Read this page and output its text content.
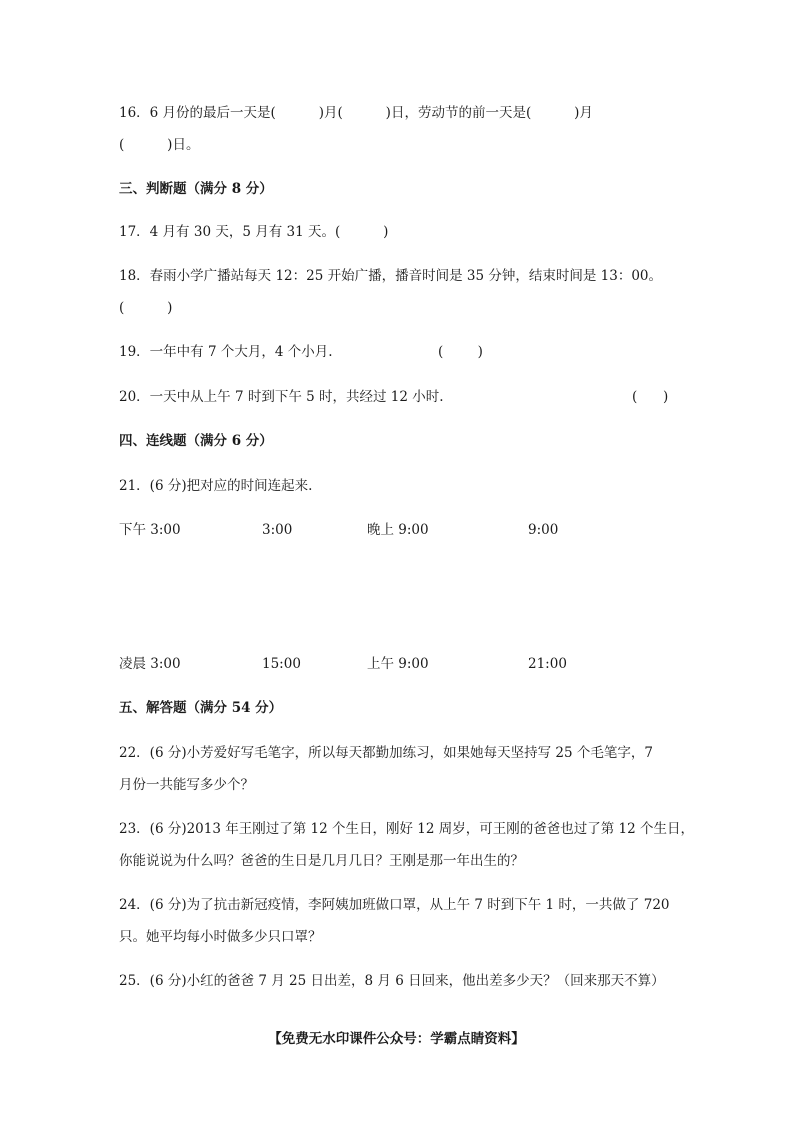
16．6 月份的最后一天是(          )月(          )日，劳动节的前一天是(          )月
(          )日。
三、判断题（满分 8 分）
17．4 月有 30 天，5 月有 31 天。(          )
18．春雨小学广播站每天 12：25 开始广播，播音时间是 35 分钟，结束时间是 13：00。
(          )
19．一年中有 7 个大月，4 个小月.	(        )
20．一天中从上午 7 时到下午 5 时，共经过 12 小时.	(      )
四、连线题（满分 6 分）
21．(6 分)把对应的时间连起来.
下午 3:00	3:00	晚上 9:00	9:00
凌晨 3:00	15:00	上午 9:00	21:00
五、解答题（满分 54 分）
22．(6 分)小芳爱好写毛笔字，所以每天都勤加练习，如果她每天坚持写 25 个毛笔字，7
月份一共能写多少个？
23．(6 分)2013 年王刚过了第 12 个生日，刚好 12 周岁，可王刚的爸爸也过了第 12 个生日，
你能说说为什么吗？爸爸的生日是几月几日？王刚是那一年出生的？
24．(6 分)为了抗击新冠疫情，李阿姨加班做口罩，从上午 7 时到下午 1 时，一共做了 720
只。她平均每小时做多少只口罩？
25．(6 分)小红的爸爸 7 月 25 日出差，8 月 6 日回来，他出差多少天？（回来那天不算）
【免费无水印课件公众号：学霸点睛资料】
